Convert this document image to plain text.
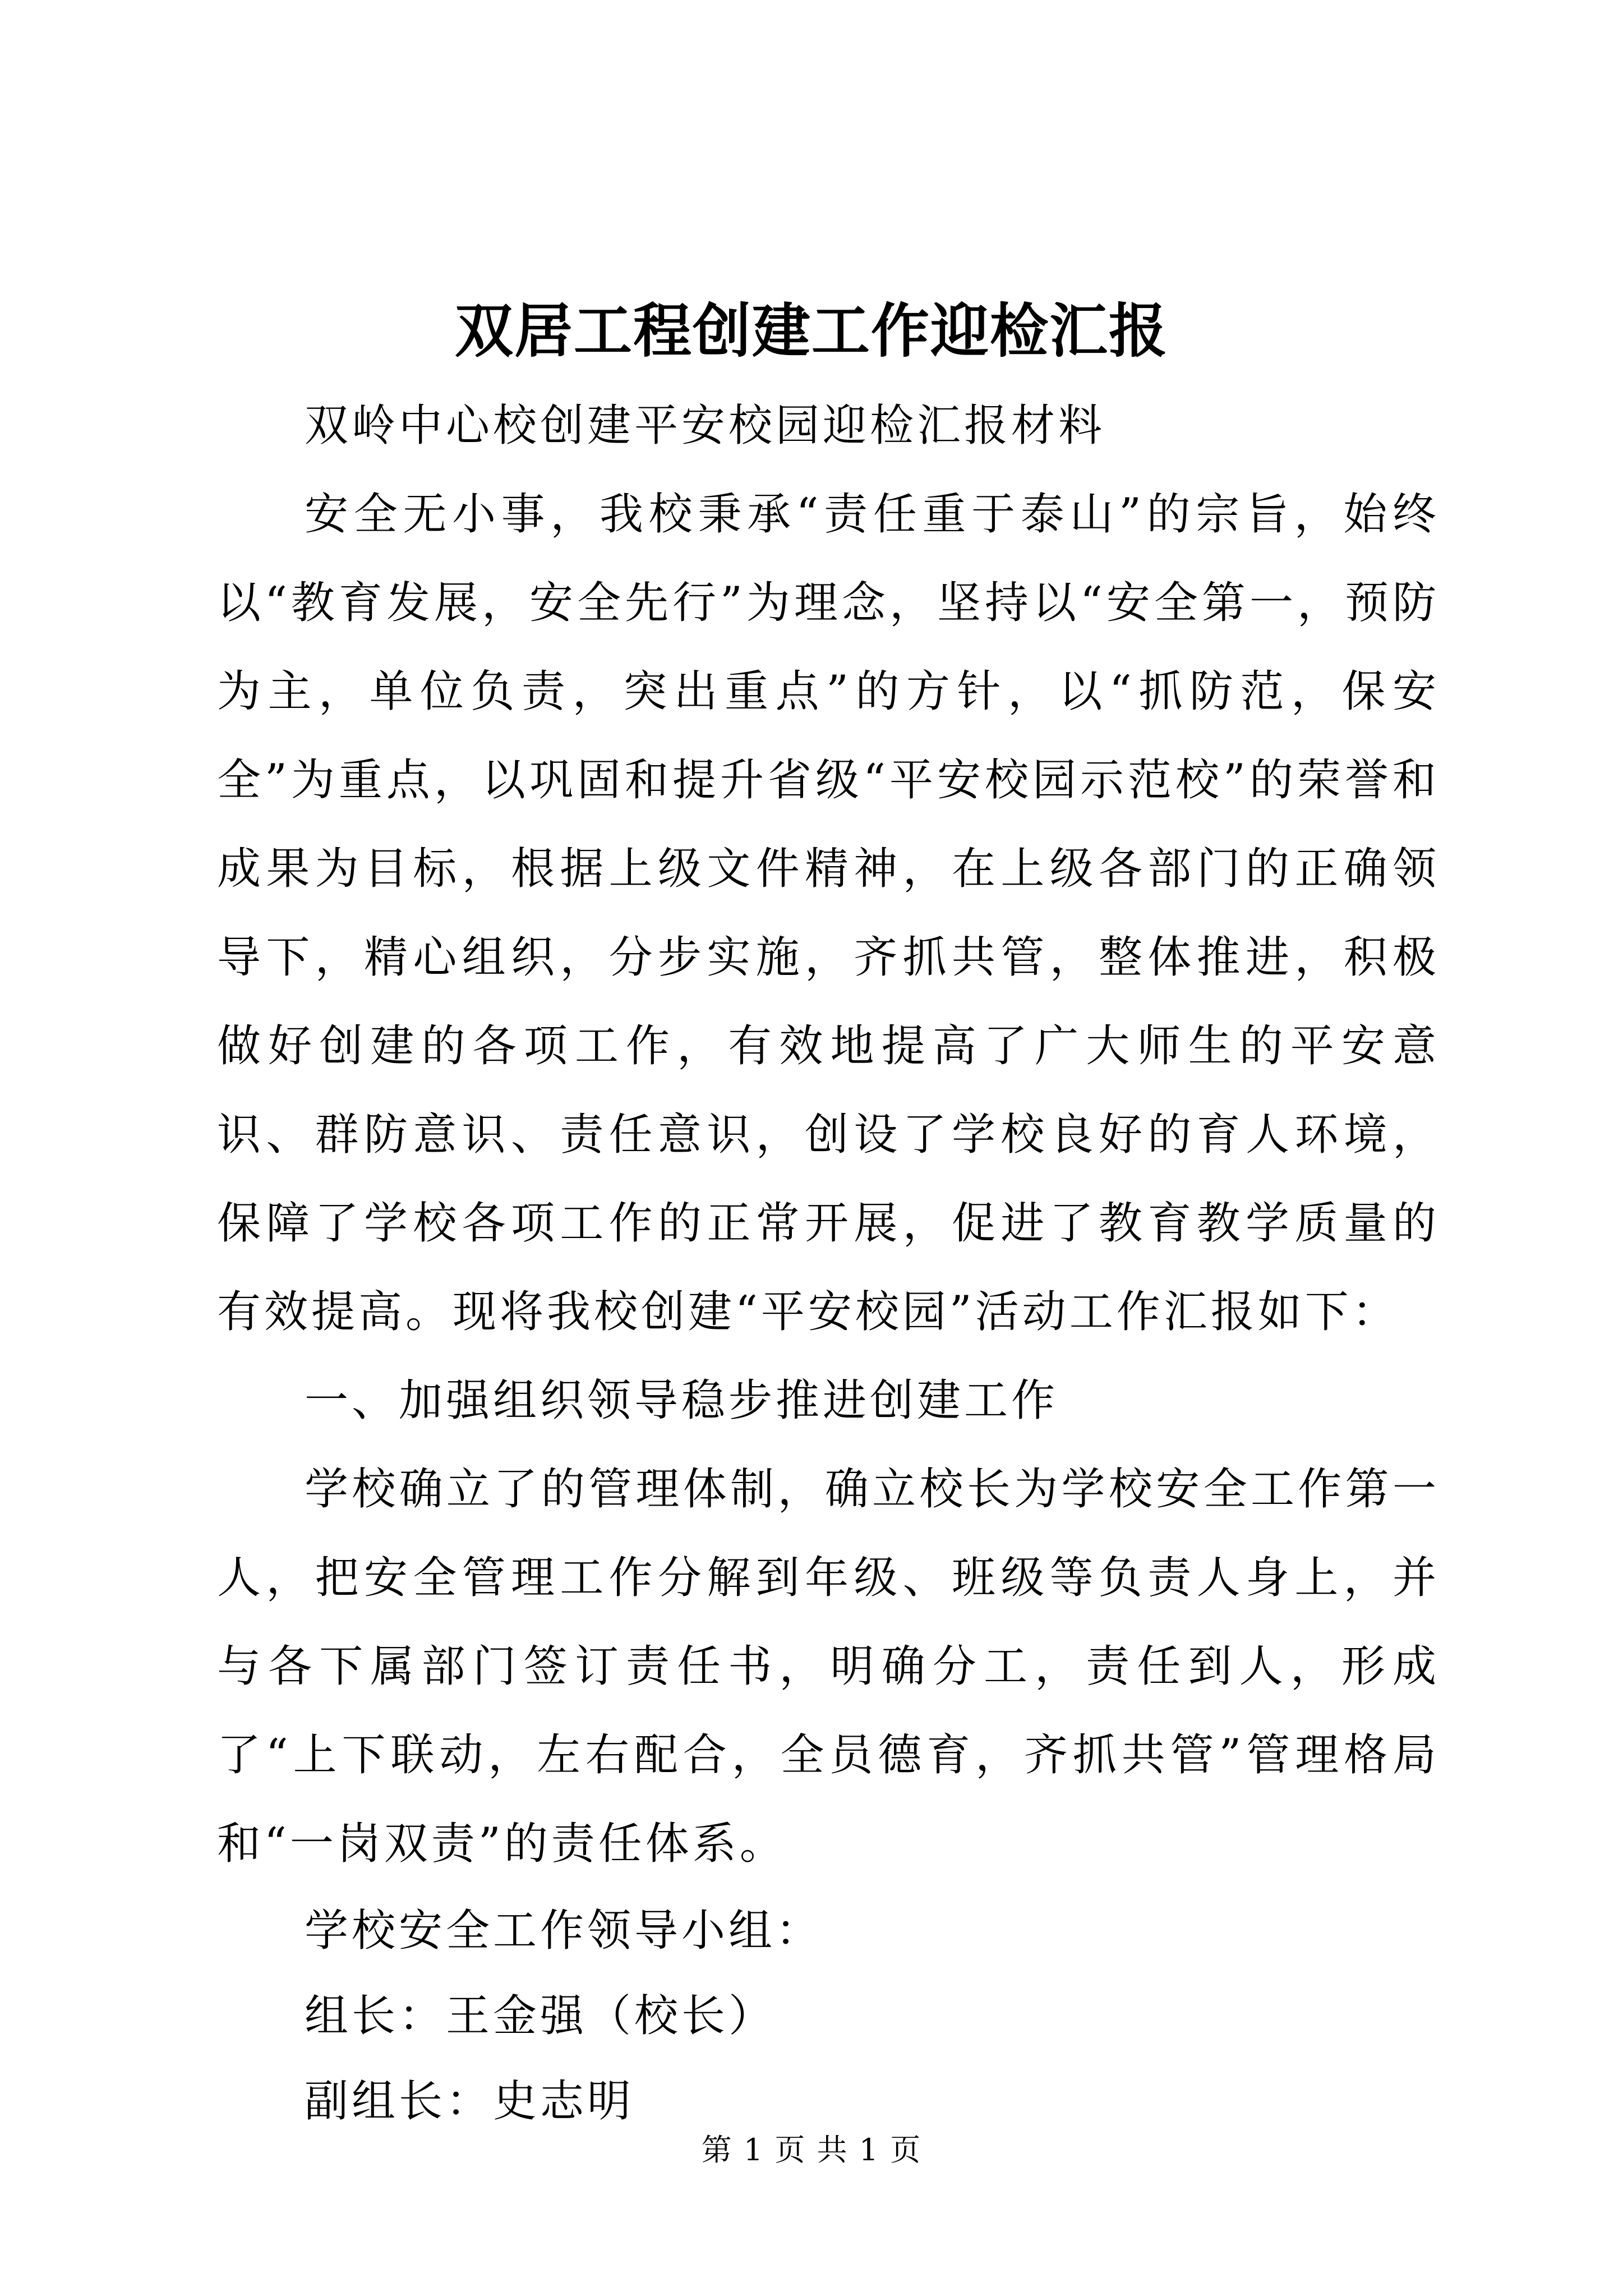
双居工程创建工作迎检汇报

双岭中心校创建平安校园迎检汇报材料

安全无小事，我校秉承“责任重于泰山”的宗旨，始终以“教育发展，安全先行”为理念，坚持以“安全第一，预防为主，单位负责，突出重点”的方针，以“抓防范，保安全”为重点，以巩固和提升省级“平安校园示范校”的荣誉和成果为目标，根据上级文件精神，在上级各部门的正确领导下，精心组织，分步实施，齐抓共管，整体推进，积极做好创建的各项工作，有效地提高了广大师生的平安意识、群防意识、责任意识，创设了学校良好的育人环境，保障了学校各项工作的正常开展，促进了教育教学质量的有效提高。现将我校创建“平安校园”活动工作汇报如下：

一、加强组织领导稳步推进创建工作

学校确立了的管理体制，确立校长为学校安全工作第一人，把安全管理工作分解到年级、班级等负责人身上，并与各下属部门签订责任书，明确分工，责任到人，形成了“上下联动，左右配合，全员德育，齐抓共管”管理格局和“一岗双责”的责任体系。

学校安全工作领导小组：

组长：王金强（校长）

副组长：史志明

第 1 页 共 1 页
